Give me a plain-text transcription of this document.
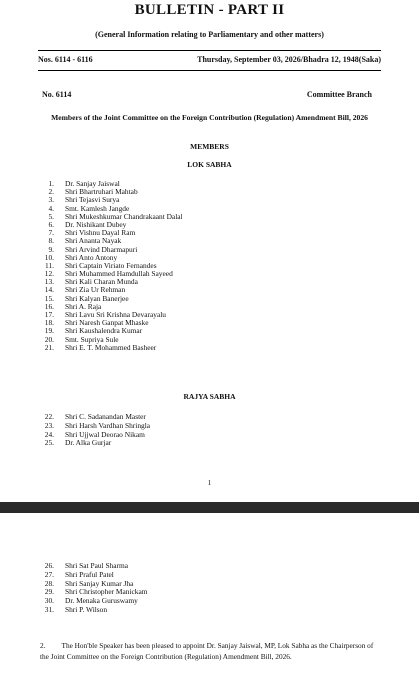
BULLETIN - PART II
(General Information relating to Parliamentary and other matters)
Nos. 6114 - 6116	Thursday, September 03, 2026/Bhadra 12, 1948(Saka)
No. 6114	Committee Branch
Members of the Joint Committee on the Foreign Contribution (Regulation) Amendment Bill, 2026
MEMBERS
LOK SABHA
1. Dr. Sanjay Jaiswal
2. Shri Bhartruhari Mahtab
3. Shri Tejasvi Surya
4. Smt. Kamlesh Jangde
5. Shri Mukeshkumar Chandrakaant Dalal
6. Dr. Nishikant Dubey
7. Shri Vishnu Dayal Ram
8. Shri Ananta Nayak
9. Shri Arvind Dharmapuri
10. Shri Anto Antony
11. Shri Captain Viriato Fernandes
12. Shri Muhammed Hamdullah Sayeed
13. Shri Kali Charan Munda
14. Shri Zia Ur Rehman
15. Shri Kalyan Banerjee
16. Shri A. Raja
17. Shri Lavu Sri Krishna Devarayalu
18. Shri Naresh Ganpat Mhaske
19. Shri Kaushalendra Kumar
20. Smt. Supriya Sule
21. Shri E. T. Mohammed Basheer
RAJYA SABHA
22. Shri C. Sadanandan Master
23. Shri Harsh Vardhan Shringla
24. Shri Ujjwal Deorao Nikam
25. Dr. Alka Gurjar
1
26. Shri Sat Paul Sharma
27. Shri Praful Patel
28. Shri Sanjay Kumar Jha
29. Shri Christopher Manickam
30. Dr. Menaka Guruswamy
31. Shri P. Wilson
2. The Hon'ble Speaker has been pleased to appoint Dr. Sanjay Jaiswal, MP, Lok Sabha as the Chairperson of the Joint Committee on the Foreign Contribution (Regulation) Amendment Bill, 2026.
